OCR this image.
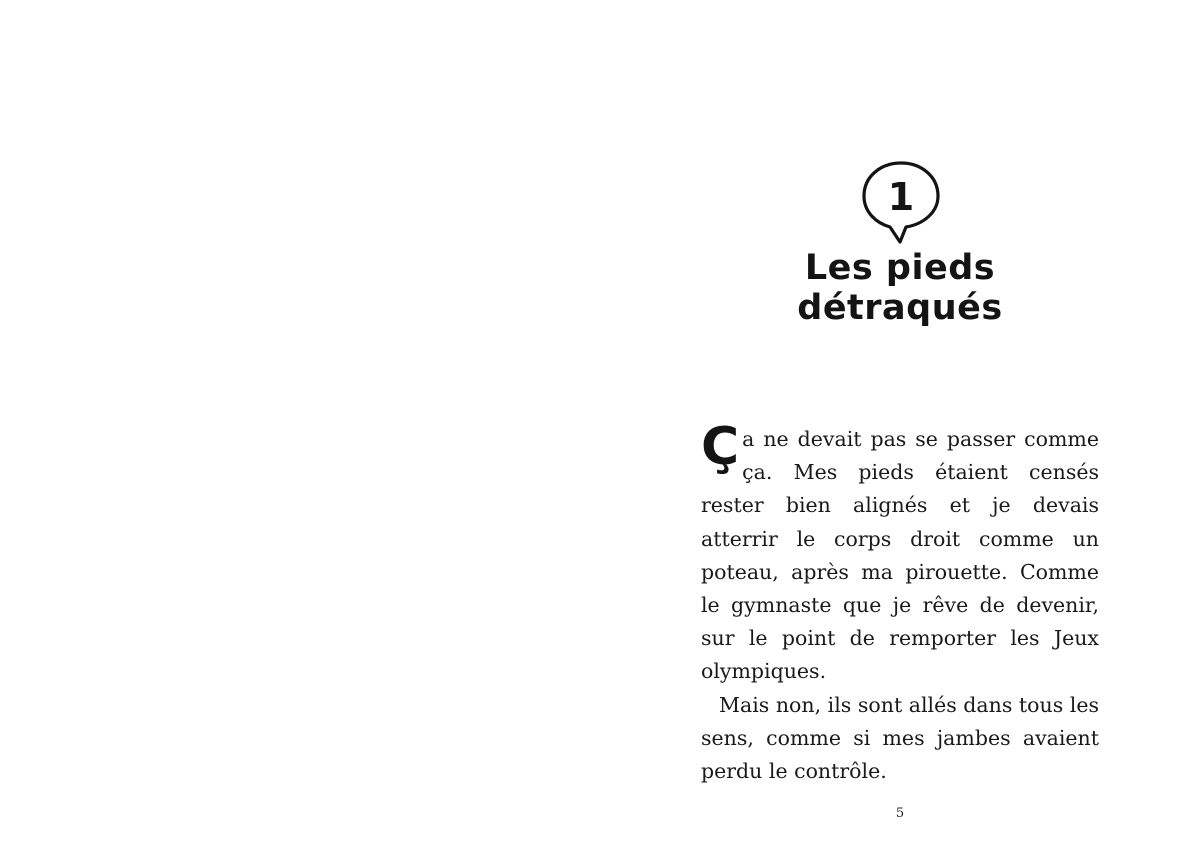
1
Les pieds détraqués

Ça ne devait pas se passer comme ça. Mes pieds étaient censés rester bien alignés et je devais atterrir le corps droit comme un poteau, après ma pirouette. Comme le gymnaste que je rêve de devenir, sur le point de remporter les Jeux olympiques.

Mais non, ils sont allés dans tous les sens, comme si mes jambes avaient perdu le contrôle.

5
